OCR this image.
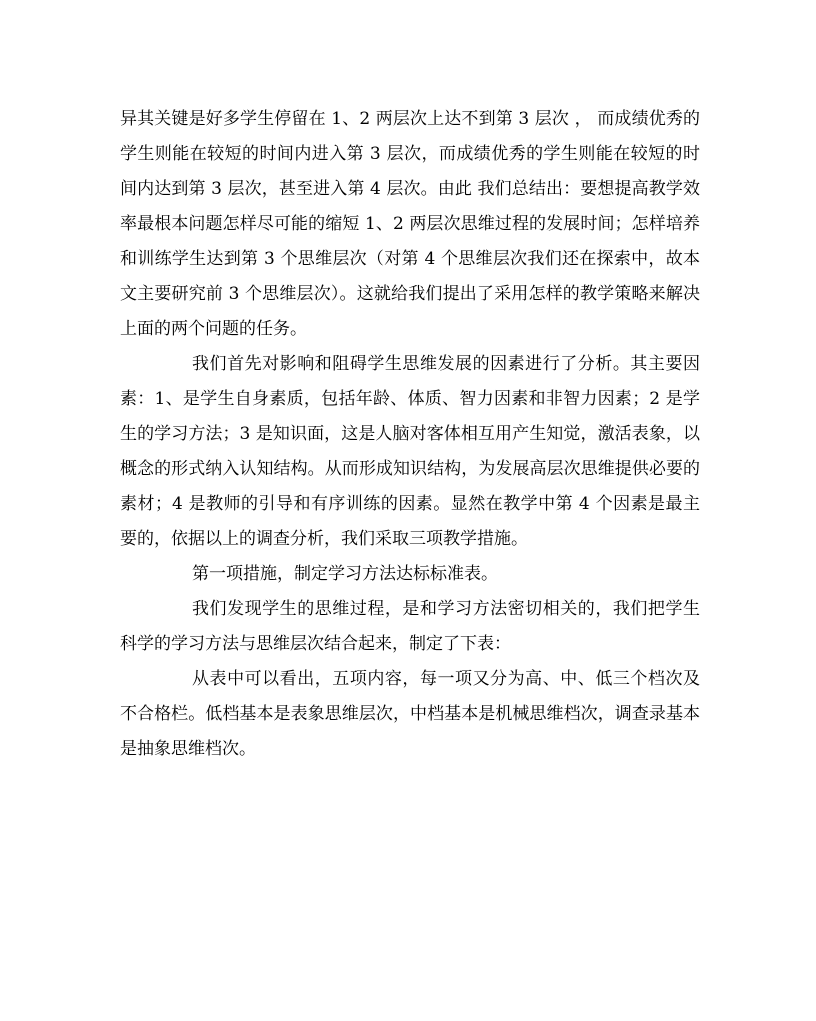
异其关键是好多学生停留在 1、2 两层次上达不到第 3 层次 ， 而成绩优秀的学生则能在较短的时间内进入第 3 层次，而成绩优秀的学生则能在较短的时间内达到第 3 层次，甚至进入第 4 层次。由此 我们总结出：要想提高教学效率最根本问题怎样尽可能的缩短 1、2 两层次思维过程的发展时间；怎样培养和训练学生达到第 3 个思维层次（对第 4 个思维层次我们还在探索中，故本文主要研究前 3 个思维层次）。这就给我们提出了采用怎样的教学策略来解决上面的两个问题的任务。

我们首先对影响和阻碍学生思维发展的因素进行了分析。其主要因素：1、是学生自身素质，包括年龄、体质、智力因素和非智力因素；2 是学生的学习方法；3 是知识面，这是人脑对客体相互用产生知觉，激活表象，以概念的形式纳入认知结构。从而形成知识结构，为发展高层次思维提供必要的素材；4 是教师的引导和有序训练的因素。显然在教学中第 4 个因素是最主要的，依据以上的调查分析，我们采取三项教学措施。

第一项措施，制定学习方法达标标准表。

我们发现学生的思维过程，是和学习方法密切相关的，我们把学生科学的学习方法与思维层次结合起来，制定了下表：

从表中可以看出，五项内容，每一项又分为高、中、低三个档次及不合格栏。低档基本是表象思维层次，中档基本是机械思维档次，调查录基本是抽象思维档次。
